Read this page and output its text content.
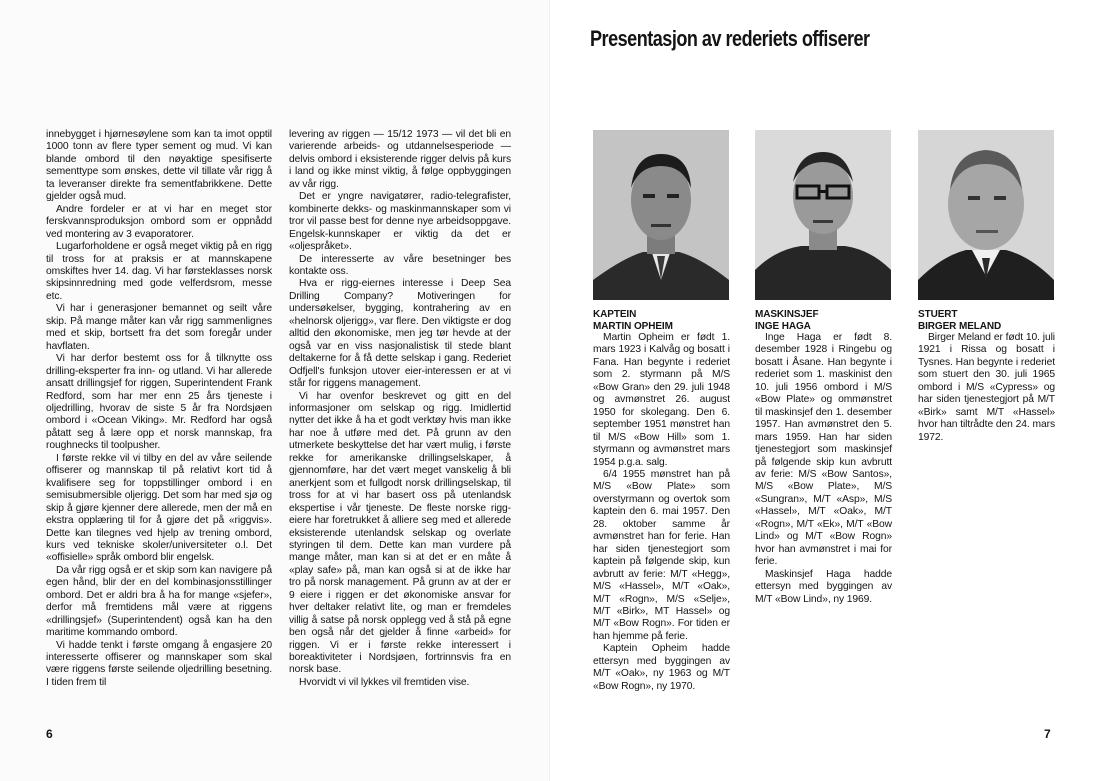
innebygget i hjørnesøylene som kan ta imot opptil 1000 tonn av flere typer sement og mud. Vi kan blande ombord til den nøyaktige spesifiserte sementtype som ønskes, dette vil tillate vår rigg å ta leveranser direkte fra sementfabrikkene. Dette gjelder også mud.

Andre fordeler er at vi har en meget stor ferskvannsproduksjon ombord som er oppnådd ved montering av 3 evaporatorer.

Lugarforholdene er også meget viktig på en rigg til tross for at praksis er at mannskapene omskiftes hver 14. dag. Vi har førsteklasses norsk skipsinnredning med gode velferdsrom, messe etc.

Vi har i generasjoner bemannet og seilt våre skip. På mange måter kan vår rigg sammenlignes med et skip, bortsett fra det som foregår under havflaten.

Vi har derfor bestemt oss for å tilknytte oss drilling-eksperter fra inn- og utland. Vi har allerede ansatt drillingsjef for riggen, Superintendent Frank Redford, som har mer enn 25 års tjeneste i oljedrilling, hvorav de siste 5 år fra Nordsjøen ombord i «Ocean Viking». Mr. Redford har også påtatt seg å lære opp et norsk mannskap, fra roughnecks til toolpusher.

I første rekke vil vi tilby en del av våre seilende offiserer og mannskap til på relativt kort tid å kvalifisere seg for toppstillinger ombord i en semisubmersible oljerigg. Det som har med sjø og skip å gjøre kjenner dere allerede, men der må en ekstra opplæring til for å gjøre det på «riggvis». Dette kan tilegnes ved hjelp av trening ombord, kurs ved tekniske skoler/universiteter o.l. Det «offisielle» språk ombord blir engelsk.

Da vår rigg også er et skip som kan navigere på egen hånd, blir der en del kombinasjonsstillinger ombord. Det er aldri bra å ha for mange «sjefer», derfor må fremtidens mål være at riggens «drillingsjef» (Superintendent) også kan ha den maritime kommando ombord.

Vi hadde tenkt i første omgang å engasjere 20 interesserte offiserer og mannskaper som skal være riggens første seilende oljedrilling besetning. I tiden frem til

levering av riggen — 15/12 1973 — vil det bli en varierende arbeids- og utdannelsesperiode — delvis ombord i eksisterende rigger delvis på kurs i land og ikke minst viktig, å følge oppbyggingen av vår rigg.

Det er yngre navigatører, radio-telegrafister, kombinerte dekks- og maskinmannskaper som vi tror vil passe best for denne nye arbeidsoppgave. Engelsk-kunnskaper er viktig da det er «oljespråket».

De interesserte av våre besetninger bes kontakte oss.

Hva er rigg-eiernes interesse i Deep Sea Drilling Company? Motiveringen for undersøkelser, bygging, kontrahering av en «helnorsk oljerigg», var flere. Den viktigste er dog alltid den økonomiske, men jeg tør hevde at der også var en viss nasjonalistisk til stede blant deltakerne for å få dette selskap i gang. Rederiet Odfjell's funksjon utover eier-interessen er at vi står for riggens management.

Vi har ovenfor beskrevet og gitt en del informasjoner om selskap og rigg. Imidlertid nytter det ikke å ha et godt verktøy hvis man ikke har noe å utføre med det. På grunn av den utmerkete beskyttelse det har vært mulig, i første rekke for amerikanske drillingselskaper, å gjennomføre, har det vært meget vanskelig å bli anerkjent som et fullgodt norsk drillingselskap, til tross for at vi har basert oss på utenlandsk ekspertise i vår tjeneste. De fleste norske rigg-eiere har foretrukket å alliere seg med et allerede eksisterende utenlandsk selskap og overlate styringen til dem. Dette kan man vurdere på mange måter, man kan si at det er en måte å «play safe» på, man kan også si at de ikke har tro på norsk management. På grunn av at der er 9 eiere i riggen er det økonomiske ansvar for hver deltaker relativt lite, og man er fremdeles villig å satse på norsk opplegg ved å stå på egne ben også når det gjelder å finne «arbeid» for riggen. Vi er i første rekke interessert i boreaktiviteter i Nordsjøen, fortrinnsvis fra en norsk base.

Hvorvidt vi vil lykkes vil fremtiden vise.

6
Presentasjon av rederiets offiserer

KAPTEIN

MARTIN OPHEIM

Martin Opheim er født 1. mars 1923 i Kalvåg og bosatt i Fana. Han begynte i rederiet som 2. styrmann på M/S «Bow Gran» den 29. juli 1948 og avmønstret 26. august 1950 for skolegang. Den 6. september 1951 mønstret han til M/S «Bow Hill» som 1. styrmann og avmønstret mars 1954 p.g.a. salg.

6/4 1955 mønstret han på M/S «Bow Plate» som overstyrmann og overtok som kaptein den 6. mai 1957. Den 28. oktober samme år avmønstret han for ferie. Han har siden tjenestegjort som kaptein på følgende skip, kun avbrutt av ferie: M/T «Hegg», M/S «Hassel», M/T «Oak», M/T «Rogn», M/S «Selje», M/T «Birk», MT Hassel» og M/T «Bow Rogn». For tiden er han hjemme på ferie.

Kaptein Opheim hadde ettersyn med byggingen av M/T «Oak», ny 1963 og M/T «Bow Rogn», ny 1970.

MASKINSJEF

INGE HAGA

Inge Haga er født 8. desember 1928 i Ringebu og bosatt i Åsane. Han begynte i rederiet som 1. maskinist den 10. juli 1956 ombord i M/S «Bow Plate» og ommønstret til maskinsjef den 1. desember 1957. Han avmønstret den 5. mars 1959. Han har siden tjenestegjort som maskinsjef på følgende skip kun avbrutt av ferie: M/S «Bow Santos», M/S «Bow Plate», M/S «Sungran», M/T «Asp», M/S «Hassel», M/T «Oak», M/T «Rogn», M/T «Ek», M/T «Bow Lind» og M/T «Bow Rogn» hvor han avmønstret i mai for ferie.

Maskinsjef Haga hadde ettersyn med byggingen av M/T «Bow Lind», ny 1969.

STUERT

BIRGER MELAND

Birger Meland er født 10. juli 1921 i Rissa og bosatt i Tysnes. Han begynte i rederiet som stuert den 30. juli 1965 ombord i M/S «Cypress» og har siden tjenestegjort på M/T «Birk» samt M/T «Hassel» hvor han tiltrådte den 24. mars 1972.

7
